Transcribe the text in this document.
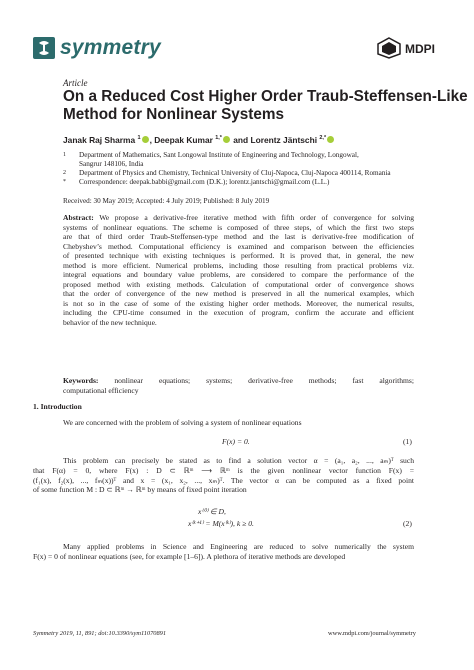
symmetry	MDPI
Article
On a Reduced Cost Higher Order Traub-Steffensen-Like
Method for Nonlinear Systems
Janak Raj Sharma $^1$ , Deepak Kumar $^{1,*}$ and Lorentz Jäntschi $^{2,*}$
1 Department of Mathematics, Sant Longowal Institute of Engineering and Technology, Longowal,
Sangrur 148106, India
2 Department of Physics and Chemistry, Technical University of Cluj-Napoca, Cluj-Napoca 400114, Romania
* Correspondence: deepak.babbi@gmail.com (D.K.); lorentz.jantschi@gmail.com (L.L.)
Received: 30 May 2019; Accepted: 4 July 2019; Published: 8 July 2019
Abstract: We propose a derivative-free iterative method with fifth order of convergence for solving
systems of nonlinear equations. The scheme is composed of three steps, of which the first two steps
are that of third order Traub-Steffensen-type method and the last is derivative-free modification of
Chebyshev’s method. Computational efficiency is examined and comparison between the efficiencies
of presented technique with existing techniques is performed. It is proved that, in general, the new
method is more efficient. Numerical problems, including those resulting from practical problems viz.
integral equations and boundary value problems, are considered to compare the performance of the
proposed method with existing methods. Calculation of computational order of convergence shows
that the order of convergence of the new method is preserved in all the numerical examples, which
is not so in the case of some of the existing higher order methods. Moreover, the numerical results,
including the CPU-time consumed in the execution of program, confirm the accurate and efficient
behavior of the new technique.
Keywords: nonlinear equations; systems; derivative-free methods; fast algorithms;
computational efficiency
1. Introduction
We are concerned with the problem of solving a system of nonlinear equations
F(x) = 0.	(1)
This problem can precisely be stated as to find a solution vector α = (a₁, a₂, ..., aₘ)ᵀ such
that F(α) = 0, where F(x) : D ⊂ ℝᵐ ⟶ ℝᵐ is the given nonlinear vector function F(x) =
(f₁(x), f₂(x), ..., fₘ(x))ᵀ and x = (x₁, x₂, ..., xₘ)ᵀ. The vector α can be computed as a fixed point
of some function M : D ⊂ ℝᵐ → ℝᵐ by means of fixed point iteration
x⁽⁰⁾ ∈ D,
x⁽ᵏ⁺¹⁾ = M(x⁽ᵏ⁾), k ≥ 0.	(2)
Many applied problems in Science and Engineering are reduced to solve numerically the system
F(x) = 0 of nonlinear equations (see, for example [1–6]). A plethora of iterative methods are developed
Symmetry 2019, 11, 891; doi:10.3390/sym11070891	www.mdpi.com/journal/symmetry
